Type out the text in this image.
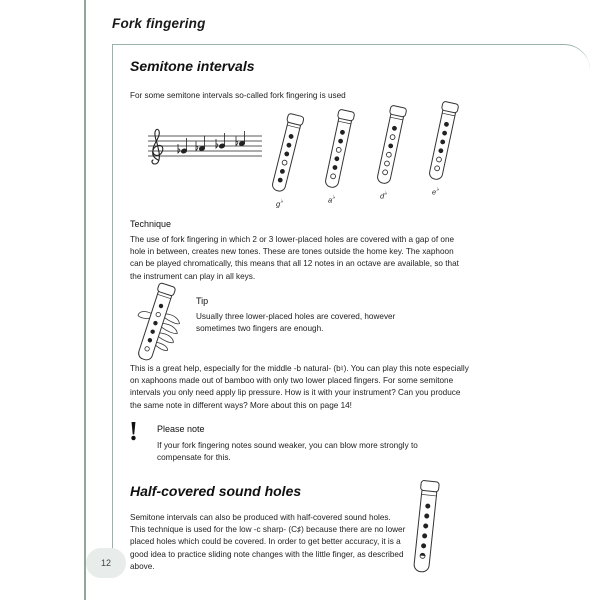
Fork fingering
Semitone intervals

For some semitone intervals so-called fork fingering is used

g♭	a♭	d♭	e♭
Technique

The use of fork fingering in which 2 or 3 lower-placed holes are covered with a gap of one hole in between, creates new tones. These are tones outside the home key. The xaphoon can be played chromatically, this means that all 12 notes in an octave are available, so that the instrument can play in all keys.

Tip

Usually three lower-placed holes are covered, however sometimes two fingers are enough.

This is a great help, especially for the middle -b natural- (b♮). You can play this note especially on xaphoons made out of bamboo with only two lower placed fingers. For some semitone intervals you only need apply lip pressure. How is it with your instrument? Can you produce the same note in different ways? More about this on page 14!

! Please note

If your fork fingering notes sound weaker, you can blow more strongly to compensate for this.

Half-covered sound holes

Semitone intervals can also be produced with half-covered sound holes. This technique is used for the low -c sharp- (C♯) because there are no lower placed holes which could be covered. In order to get better accuracy, it is a good idea to practice sliding note changes with the little finger, as described above.

12
